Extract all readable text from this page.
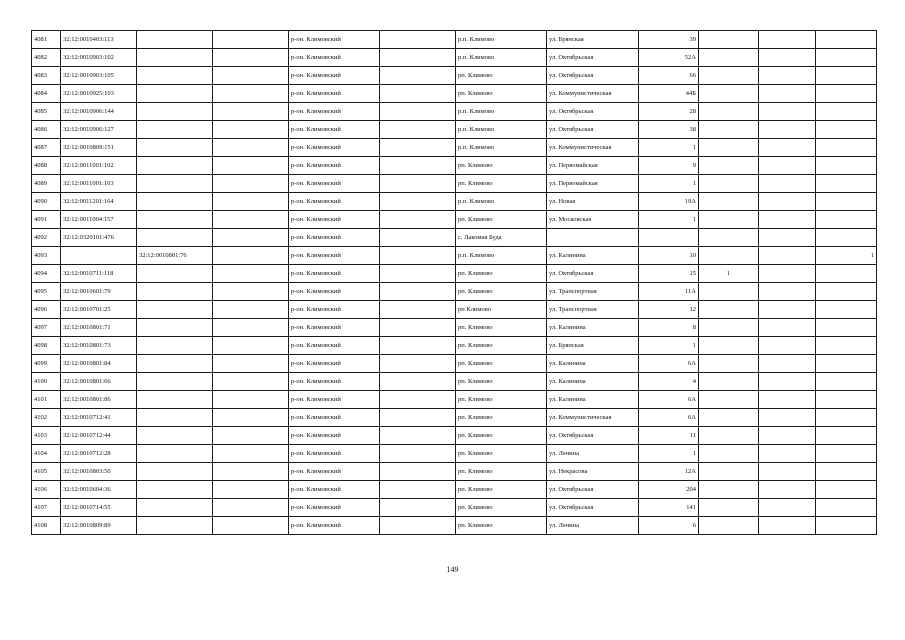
4081	32:12:0010403:113			р-он. Климовский		р.п. Климово	ул. Брянская	39			
4082	32:12:0010903:102			р-он. Климовский		р.п. Климово	ул. Октябрьская	52А			
4083	32:12:0010903:105			р-он. Климовский		рп. Климово	ул. Октябрьская	66			
4084	32:12:0010925:103			р-он. Климовский		рп. Климово	ул. Коммунистическая	44Б			
4085	32:12:0010906:144			р-он. Климовский		р.п. Климово	ул. Октябрьская	28			
4086	32:12:0010906:127			р-он. Климовский		р.п. Климово	ул. Октябрьская	38			
4087	32:12:0010809:151			р-он. Климовский		р.п. Климово	ул. Коммунистическая	1			
4088	32:12:0011001:102			р-он. Климовский		рп. Климово	ул. Первомайская	9			
4089	32:12:0011001:103			р-он. Климовский		рп. Климово	ул. Первомайская	1			
4090	32:12:0011201:164			р-он. Климовский		р.п. Климово	ул. Новая	19А			
4091	32:12:0011004:157			р-он. Климовский		рп. Климово	ул. Московская	1			
4092	32:12:0320101:476			р-он. Климовский		с. Лакомая Буда					
4093		32:12:0010801:76		р-он. Климовский		р.п. Климово	ул. Калинина	10			1
4094	32:12:0010711:118			р-он. Климовский		рп. Климово	ул. Октябрьская	15	1		
4095	32:12:0010601:79			р-он. Климовский		рп. Климово	ул. Транспортная	11А			
4096	32:12:0010701:25			р-он. Климовский		рп Климово	ул. Транспортная	12			
4097	32:12:0010801:71			р-он. Климовский		рп. Климово	ул. Калинина	8			
4098	32:12:0010801:73			р-он. Климовский		рп. Климово	ул. Брянская	1			
4099	32:12:0010801:84			р-он. Климовский		рп. Климово	ул. Калинина	6А			
4100	32:12:0010801:66			р-он. Климовский		рп. Климово	ул. Калинина	4			
4101	32:12:0010801:86			р-он. Климовский		рп. Климово	ул. Калинина	6А			
4102	32:12:0010712:41			р-он. Климовский		рп. Климово	ул. Коммунистическая	6А			
4103	32:12:0010712:44			р-он. Климовский		рп. Климово	ул. Октябрьская	11			
4104	32:12:0010712:28			р-он. Климовский		рп. Климово	ул. Ленина	1			
4105	32:12:0010803:50			р-он. Климовский		рп. Климово	ул. Некрасова	12А			
4106	32:12:0010604:36			р-он. Климовский		рп. Климово	ул. Октябрьская	204			
4107	32:12:0010714:55			р-он. Климовский		рп. Климово	ул. Октябрьская	141			
4108	32:12:0010809:89			р-он. Климовский		рп. Климово	ул. Ленина	6			
149
